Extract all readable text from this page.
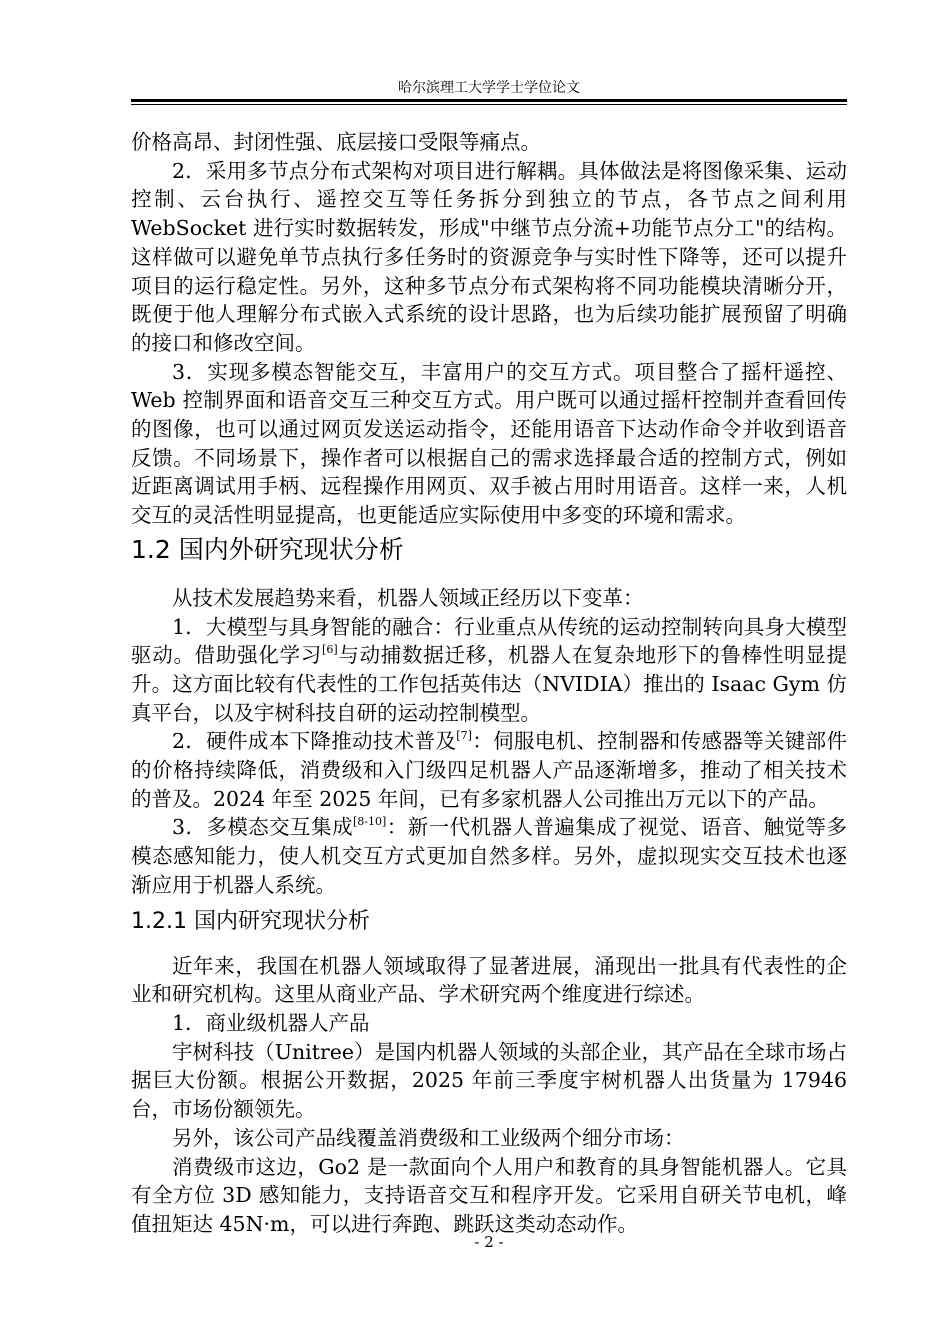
哈尔滨理工大学学士学位论文

价格高昂、封闭性强、底层接口受限等痛点。

2．采用多节点分布式架构对项目进行解耦。具体做法是将图像采集、运动控制、云台执行、遥控交互等任务拆分到独立的节点，各节点之间利用 WebSocket 进行实时数据转发，形成"中继节点分流+功能节点分工"的结构。这样做可以避免单节点执行多任务时的资源竞争与实时性下降等，还可以提升项目的运行稳定性。另外，这种多节点分布式架构将不同功能模块清晰分开，既便于他人理解分布式嵌入式系统的设计思路，也为后续功能扩展预留了明确的接口和修改空间。

3．实现多模态智能交互，丰富用户的交互方式。项目整合了摇杆遥控、Web 控制界面和语音交互三种交互方式。用户既可以通过摇杆控制并查看回传的图像，也可以通过网页发送运动指令，还能用语音下达动作命令并收到语音反馈。不同场景下，操作者可以根据自己的需求选择最合适的控制方式，例如近距离调试用手柄、远程操作用网页、双手被占用时用语音。这样一来，人机交互的灵活性明显提高，也更能适应实际使用中多变的环境和需求。

1.2 国内外研究现状分析

从技术发展趋势来看，机器人领域正经历以下变革：

1．大模型与具身智能的融合：行业重点从传统的运动控制转向具身大模型驱动。借助强化学习[6]与动捕数据迁移，机器人在复杂地形下的鲁棒性明显提升。这方面比较有代表性的工作包括英伟达（NVIDIA）推出的 Isaac Gym 仿真平台，以及宇树科技自研的运动控制模型。

2．硬件成本下降推动技术普及[7]：伺服电机、控制器和传感器等关键部件的价格持续降低，消费级和入门级四足机器人产品逐渐增多，推动了相关技术的普及。2024 年至 2025 年间，已有多家机器人公司推出万元以下的产品。

3．多模态交互集成[8-10]：新一代机器人普遍集成了视觉、语音、触觉等多模态感知能力，使人机交互方式更加自然多样。另外，虚拟现实交互技术也逐渐应用于机器人系统。

1.2.1 国内研究现状分析

近年来，我国在机器人领域取得了显著进展，涌现出一批具有代表性的企业和研究机构。这里从商业产品、学术研究两个维度进行综述。

1．商业级机器人产品

宇树科技（Unitree）是国内机器人领域的头部企业，其产品在全球市场占据巨大份额。根据公开数据，2025 年前三季度宇树机器人出货量为 17946 台，市场份额领先。

另外，该公司产品线覆盖消费级和工业级两个细分市场：

消费级市这边，Go2 是一款面向个人用户和教育的具身智能机器人。它具有全方位 3D 感知能力，支持语音交互和程序开发。它采用自研关节电机，峰值扭矩达 45N·m，可以进行奔跑、跳跃这类动态动作。

- 2 -
